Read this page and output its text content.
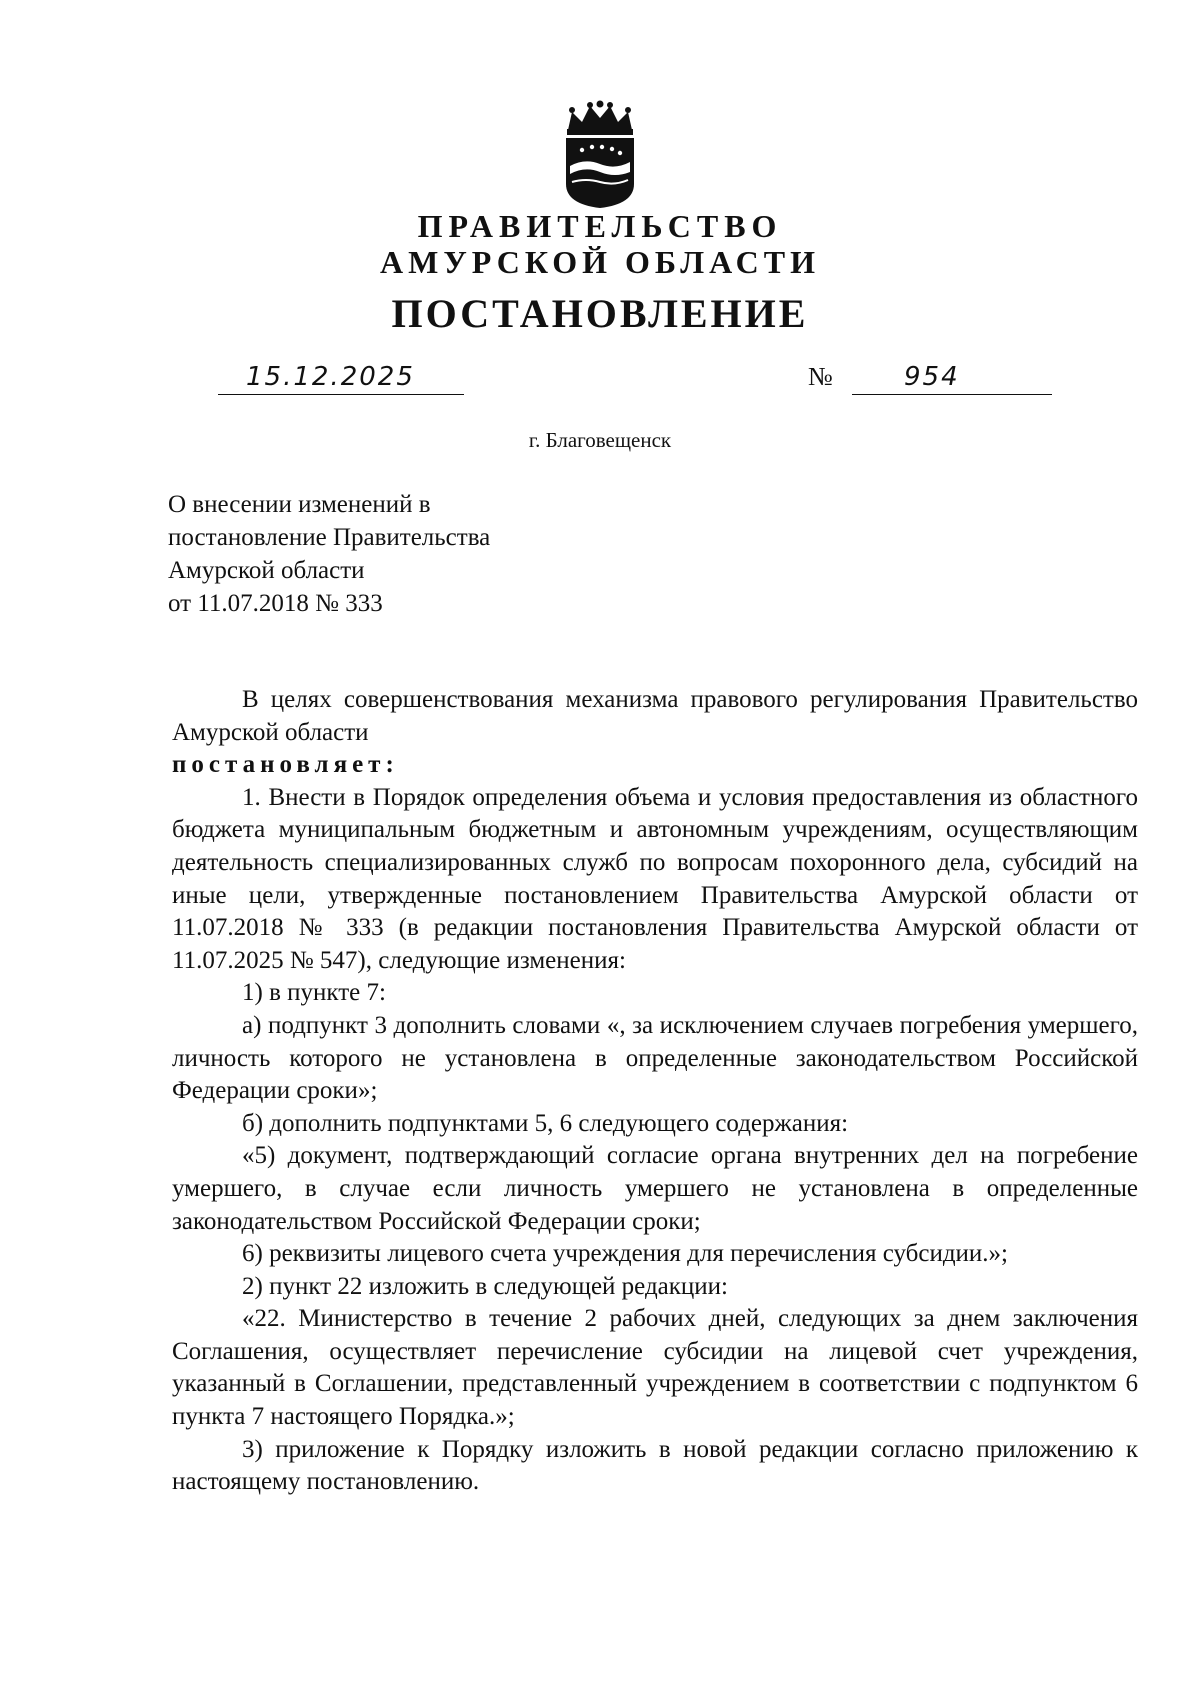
ПРАВИТЕЛЬСТВО
АМУРСКОЙ ОБЛАСТИ
ПОСТАНОВЛЕНИЕ
15.12.2025	№	954
г. Благовещенск
О внесении изменений в
постановление Правительства
Амурской области
от 11.07.2018 № 333

В целях совершенствования механизма правового регулирования Правительство Амурской области

постановляет:

1. Внести в Порядок определения объема и условия предоставления из областного бюджета муниципальным бюджетным и автономным учреждениям, осуществляющим деятельность специализированных служб по вопросам похоронного дела, субсидий на иные цели, утвержденные постановлением Правительства Амурской области от 11.07.2018 № 333 (в редакции постановления Правительства Амурской области от 11.07.2025 № 547), следующие изменения:

1) в пункте 7:

а) подпункт 3 дополнить словами «, за исключением случаев погребения умершего, личность которого не установлена в определенные законодательством Российской Федерации сроки»;

б) дополнить подпунктами 5, 6 следующего содержания:

«5) документ, подтверждающий согласие органа внутренних дел на погребение умершего, в случае если личность умершего не установлена в определенные законодательством Российской Федерации сроки;

6) реквизиты лицевого счета учреждения для перечисления субсидии.»;

2) пункт 22 изложить в следующей редакции:

«22. Министерство в течение 2 рабочих дней, следующих за днем заключения Соглашения, осуществляет перечисление субсидии на лицевой счет учреждения, указанный в Соглашении, представленный учреждением в соответствии с подпунктом 6 пункта 7 настоящего Порядка.»;

3) приложение к Порядку изложить в новой редакции согласно приложению к настоящему постановлению.
